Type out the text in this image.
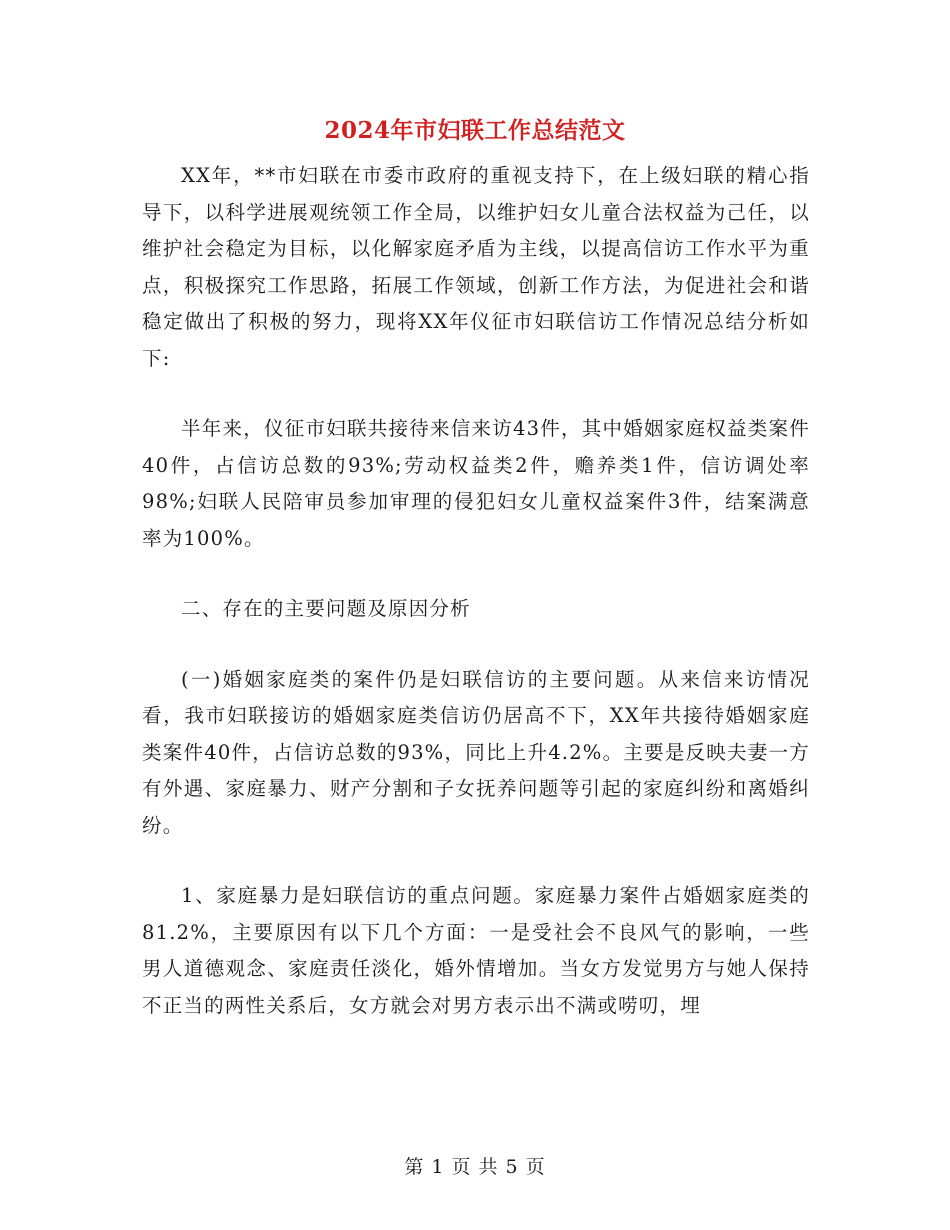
2024年市妇联工作总结范文

XX年，**市妇联在市委市政府的重视支持下，在上级妇联的精心指导下，以科学进展观统领工作全局，以维护妇女儿童合法权益为己任，以维护社会稳定为目标，以化解家庭矛盾为主线，以提高信访工作水平为重点，积极探究工作思路，拓展工作领域，创新工作方法，为促进社会和谐稳定做出了积极的努力，现将XX年仪征市妇联信访工作情况总结分析如下:

半年来，仪征市妇联共接待来信来访43件，其中婚姻家庭权益类案件40件，占信访总数的93%;劳动权益类2件，赡养类1件，信访调处率98%;妇联人民陪审员参加审理的侵犯妇女儿童权益案件3件，结案满意率为100%。

二、存在的主要问题及原因分析

(一)婚姻家庭类的案件仍是妇联信访的主要问题。从来信来访情况看，我市妇联接访的婚姻家庭类信访仍居高不下，XX年共接待婚姻家庭类案件40件，占信访总数的93%，同比上升4.2%。主要是反映夫妻一方有外遇、家庭暴力、财产分割和子女抚养问题等引起的家庭纠纷和离婚纠纷。

1、家庭暴力是妇联信访的重点问题。家庭暴力案件占婚姻家庭类的81.2%，主要原因有以下几个方面：一是受社会不良风气的影响，一些男人道德观念、家庭责任淡化，婚外情增加。当女方发觉男方与她人保持不正当的两性关系后，女方就会对男方表示出不满或唠叨，埋

第 1 页 共 5 页
